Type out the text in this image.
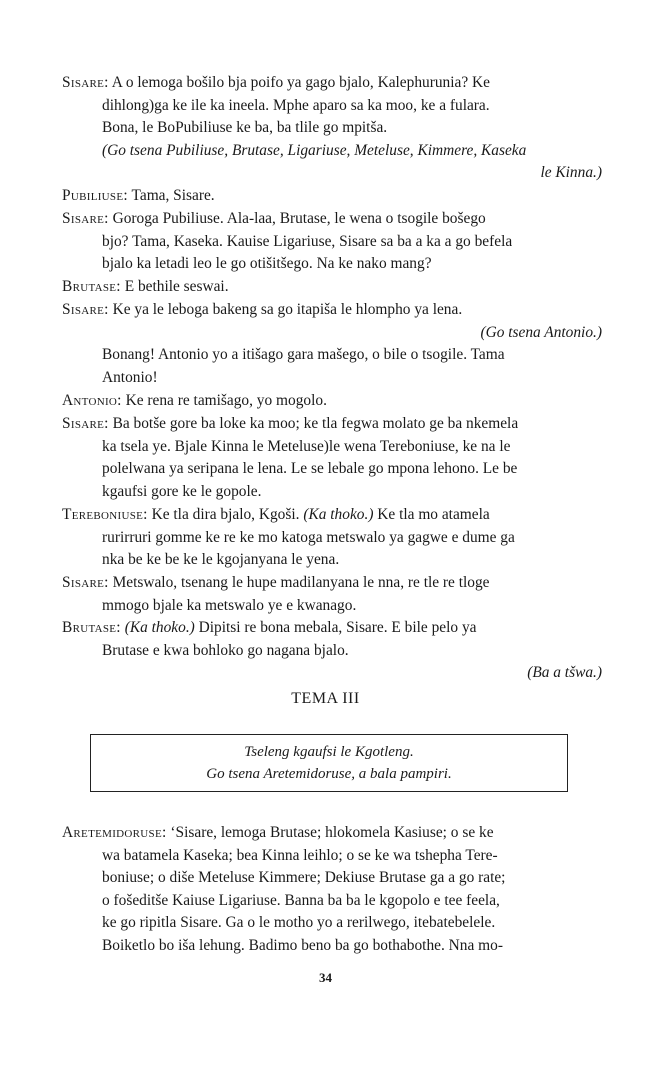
Sisare: A o lemoga bošilo bja poifo ya gago bjalo, Kalephurunia? Ke
dihlong)ga ke ile ka ineela. Mphe aparo sa ka moo, ke a fulara.
Bona, le BoPubiliuse ke ba, ba tlile go mpitša.
(Go tsena Pubiliuse, Brutase, Ligariuse, Meteluse, Kimmere, Kaseka
le Kinna.)
Pubiliuse: Tama, Sisare.
Sisare: Goroga Pubiliuse. Ala-laa, Brutase, le wena o tsogile bošego
bjo? Tama, Kaseka. Kauise Ligariuse, Sisare sa ba a ka a go befela
bjalo ka letadi leo le go otišitšego. Na ke nako mang?
Brutase: E bethile seswai.
Sisare: Ke ya le leboga bakeng sa go itapiša le hlompho ya lena.
(Go tsena Antonio.)
Bonang! Antonio yo a itišago gara mašego, o bile o tsogile. Tama
Antonio!
Antonio: Ke rena re tamišago, yo mogolo.
Sisare: Ba botše gore ba loke ka moo; ke tla fegwa molato ge ba nkemela
ka tsela ye. Bjale Kinna le Meteluse)le wena Tereboniuse, ke na le
polelwana ya seripana le lena. Le se lebale go mpona lehono. Le be
kgaufsi gore ke le gopole.
Tereboniuse: Ke tla dira bjalo, Kgoši. (Ka thoko.) Ke tla mo atamela
rurirruri gomme ke re ke mo katoga metswalo ya gagwe e dume ga
nka be ke be ke le kgojanyana le yena.
Sisare: Metswalo, tsenang le hupe madilanyana le nna, re tle re tloge
mmogo bjale ka metswalo ye e kwanago.
Brutase: (Ka thoko.) Dipitsi re bona mebala, Sisare. E bile pelo ya
Brutase e kwa bohloko go nagana bjalo.
(Ba a tšwa.)
TEMA III
Tseleng kgaufsi le Kgotleng.
Go tsena Aretemidoruse, a bala pampiri.
Aretemidoruse: ‘Sisare, lemoga Brutase; hlokomela Kasiuse; o se ke
wa batamela Kaseka; bea Kinna leihlo; o se ke wa tshepha Tere-
boniuse; o diše Meteluse Kimmere; Dekiuse Brutase ga a go rate;
o fošeditše Kaiuse Ligariuse. Banna ba ba le kgopolo e tee feela,
ke go ripitla Sisare. Ga o le motho yo a rerilwego, itebatebelele.
Boiketlo bo iša lehung. Badimo beno ba go bothabothe. Nna mo-
34
